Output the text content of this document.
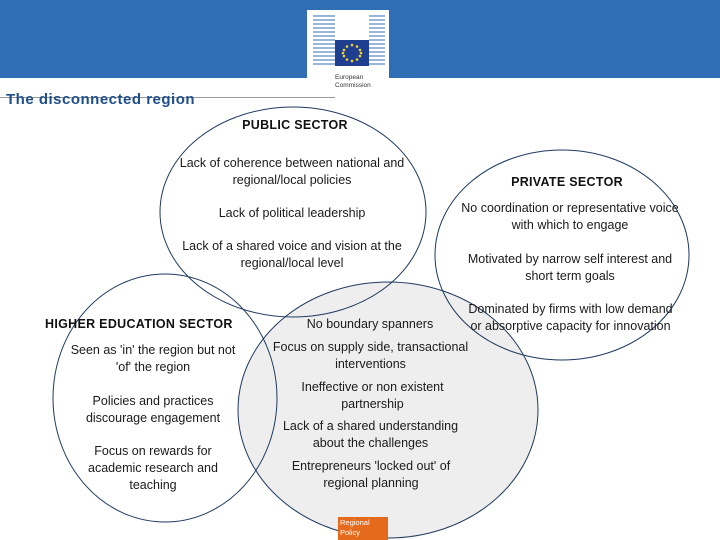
European
Commission
The disconnected region
PUBLIC SECTOR
Lack of coherence between national and regional/local policies
Lack of political leadership
Lack of a shared voice and vision at the regional/local level
PRIVATE SECTOR
No coordination or representative voice with which to engage
Motivated by narrow self interest and short term goals
Dominated by firms with low demand or absorptive capacity for innovation
HIGHER EDUCATION SECTOR
Seen as 'in' the region but not 'of' the region
Policies and practices discourage engagement
Focus on rewards for academic research and teaching
No boundary spanners
Focus on supply side, transactional interventions
Ineffective or non existent partnership
Lack of a shared understanding about the challenges
Entrepreneurs 'locked out' of regional planning
Regional
Policy
